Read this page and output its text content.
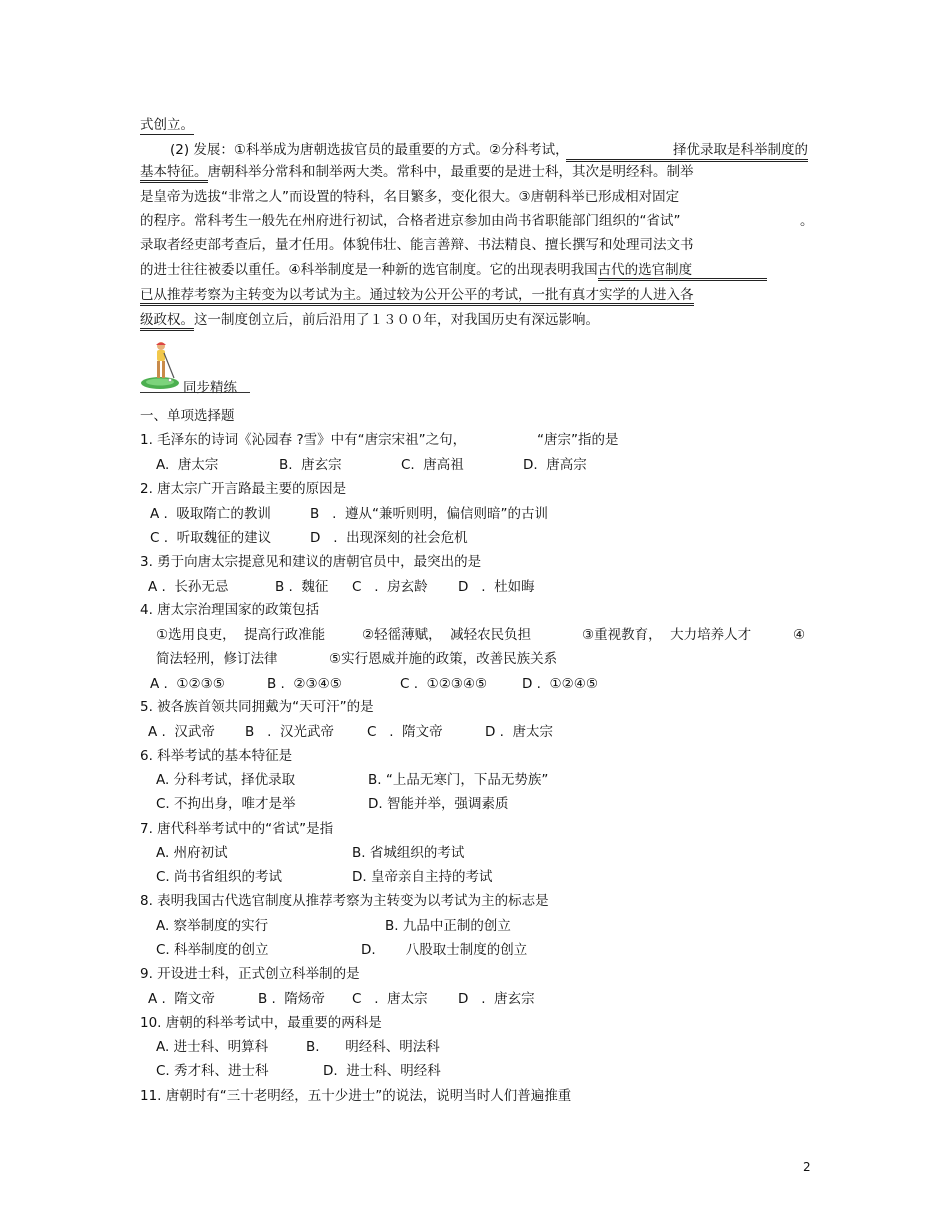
式创立。
(2) 发展：①科举成为唐朝选拔官员的最重要的方式。②分科考试，	择优录取是科举制度的
基本特征。唐朝科举分常科和制举两大类。常科中，最重要的是进士科，其次是明经科。制举
是皇帝为选拔“非常之人”而设置的特科，名目繁多，变化很大。③唐朝科举已形成相对固定
的程序。常科考生一般先在州府进行初试，合格者进京参加由尚书省职能部门组织的“省试”	。
录取者经吏部考查后，量才任用。体貌伟壮、能言善辩、书法精良、擅长撰写和处理司法文书
的进士往往被委以重任。④科举制度是一种新的选官制度。它的出现表明我国古代的选官制度
已从推荐考察为主转变为以考试为主。通过较为公开公平的考试，一批有真才实学的人进入各
级政权。这一制度创立后，前后沿用了１３００年，对我国历史有深远影响。
同步精练
一、单项选择题
1. 毛泽东的诗词《沁园春 ?雪》中有“唐宗宋祖”之句，	“唐宗”指的是
A.  唐太宗	B.  唐玄宗	C.  唐高祖	D.  唐高宗
2. 唐太宗广开言路最主要的原因是
A .  吸取隋亡的教训	B   .  遵从“兼听则明，偏信则暗”的古训
C .  听取魏征的建议	D   .  出现深刻的社会危机
3. 勇于向唐太宗提意见和建议的唐朝官员中，最突出的是
A .  长孙无忌	B .  魏征 C   .  房玄龄 D   .  杜如晦
4. 唐太宗治理国家的政策包括
①选用良吏，  提高行政准能	②轻徭薄赋，  减轻农民负担	③重视教育，  大力培养人才	④
简法轻刑，修订法律	⑤实行恩威并施的政策，改善民族关系
A .  ①②③⑤	B .  ②③④⑤	C .  ①②③④⑤	D .  ①②④⑤
5. 被各族首领共同拥戴为“天可汗”的是
A .  汉武帝 B   .  汉光武帝 C   .  隋文帝	D .  唐太宗
6. 科举考试的基本特征是
A. 分科考试，择优录取	B. “上品无寒门，下品无势族”
C. 不拘出身，唯才是举	D. 智能并举，强调素质
7. 唐代科举考试中的“省试”是指
A. 州府初试	B. 省城组织的考试
C. 尚书省组织的考试	D. 皇帝亲自主持的考试
8. 表明我国古代选官制度从推荐考察为主转变为以考试为主的标志是
A. 察举制度的实行	B. 九品中正制的创立
C. 科举制度的创立	D.       八股取士制度的创立
9. 开设进士科，正式创立科举制的是
A .  隋文帝	B .  隋炀帝 C   .  唐太宗 D   .  唐玄宗
10. 唐朝的科举考试中，最重要的两科是
A. 进士科、明算科	B.      明经科、明法科
C. 秀才科、进士科	D.  进士科、明经科
11. 唐朝时有“三十老明经，五十少进士”的说法，说明当时人们普遍推重
2
